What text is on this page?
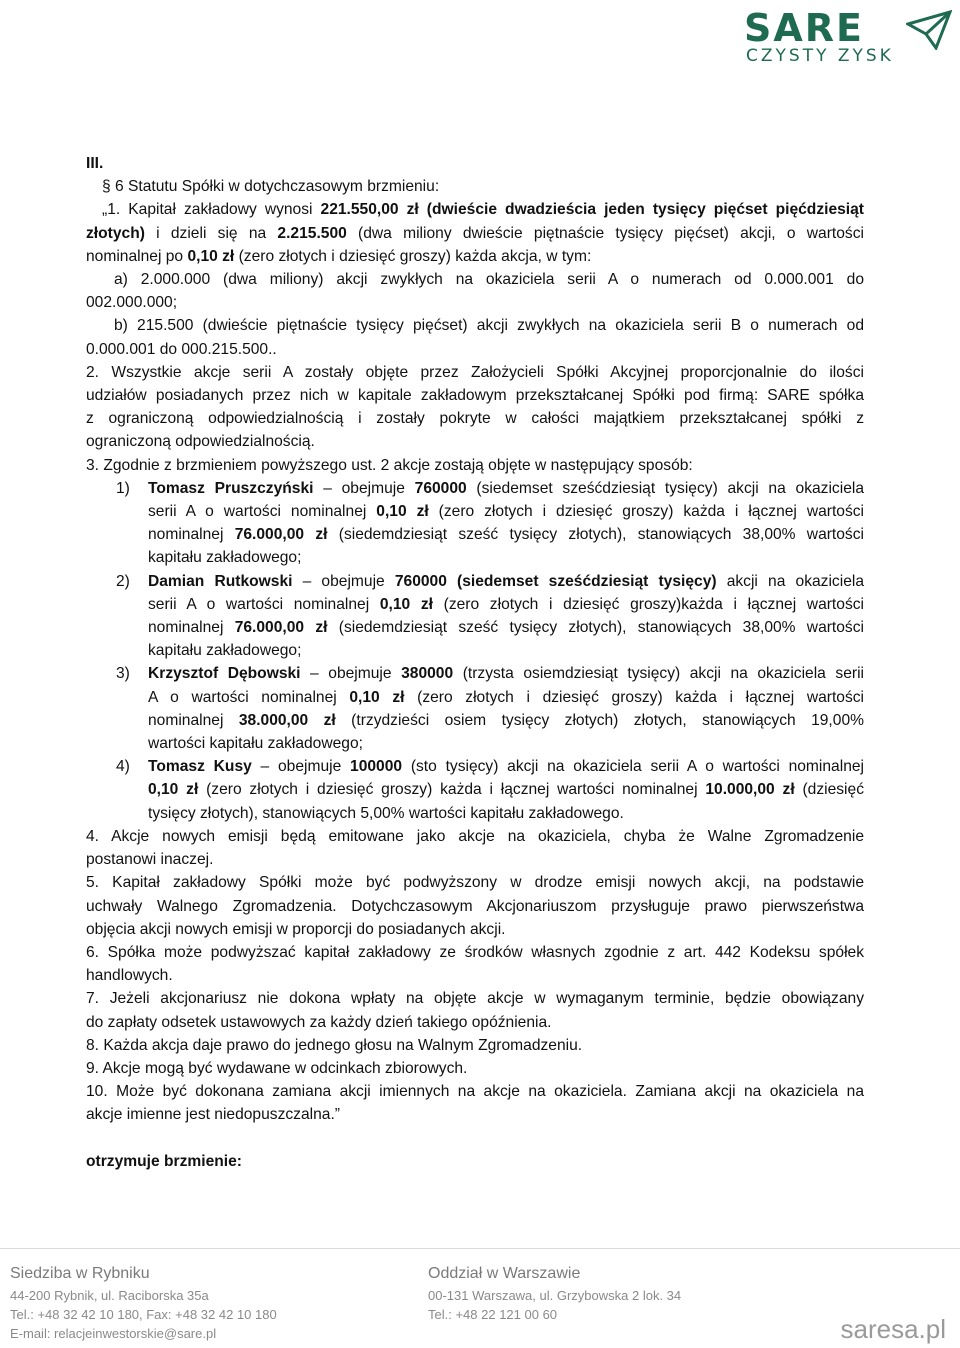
SARE
CZYSTY ZYSK
III.
§ 6 Statutu Spółki w dotychczasowym brzmieniu:
„1. Kapitał zakładowy wynosi 221.550,00 zł (dwieście dwadzieścia jeden tysięcy pięćset pięćdziesiąt
złotych) i dzieli się na 2.215.500 (dwa miliony dwieście piętnaście tysięcy pięćset) akcji, o wartości
nominalnej po 0,10 zł (zero złotych i dziesięć groszy) każda akcja, w tym:
a) 2.000.000 (dwa miliony) akcji zwykłych na okaziciela serii A o numerach od 0.000.001 do
002.000.000;
b) 215.500 (dwieście piętnaście tysięcy pięćset) akcji zwykłych na okaziciela serii B o numerach od
0.000.001 do 000.215.500..
2. Wszystkie akcje serii A zostały objęte przez Założycieli Spółki Akcyjnej proporcjonalnie do ilości
udziałów posiadanych przez nich w kapitale zakładowym przekształcanej Spółki pod firmą: SARE spółka
z ograniczoną odpowiedzialnością i zostały pokryte w całości majątkiem przekształcanej spółki z
ograniczoną odpowiedzialnością.
3. Zgodnie z brzmieniem powyższego ust. 2 akcje zostają objęte w następujący sposób:
1)	Tomasz Pruszczyński – obejmuje 760000 (siedemset sześćdziesiąt tysięcy) akcji na okaziciela
serii A o wartości nominalnej 0,10 zł (zero złotych i dziesięć groszy) każda i łącznej wartości
nominalnej 76.000,00 zł (siedemdziesiąt sześć tysięcy złotych), stanowiących 38,00% wartości
kapitału zakładowego;
2)	Damian Rutkowski – obejmuje 760000 (siedemset sześćdziesiąt tysięcy) akcji na okaziciela
serii A o wartości nominalnej 0,10 zł (zero złotych i dziesięć groszy)każda i łącznej wartości
nominalnej 76.000,00 zł (siedemdziesiąt sześć tysięcy złotych), stanowiących 38,00% wartości
kapitału zakładowego;
3)	Krzysztof Dębowski – obejmuje 380000 (trzysta osiemdziesiąt tysięcy) akcji na okaziciela serii
A o wartości nominalnej 0,10 zł (zero złotych i dziesięć groszy) każda i łącznej wartości
nominalnej 38.000,00 zł (trzydzieści osiem tysięcy złotych) złotych, stanowiących 19,00%
wartości kapitału zakładowego;
4)	Tomasz Kusy – obejmuje 100000 (sto tysięcy) akcji na okaziciela serii A o wartości nominalnej
0,10 zł (zero złotych i dziesięć groszy) każda i łącznej wartości nominalnej 10.000,00 zł (dziesięć
tysięcy złotych), stanowiących 5,00% wartości kapitału zakładowego.
4. Akcje nowych emisji będą emitowane jako akcje na okaziciela, chyba że Walne Zgromadzenie
postanowi inaczej.
5. Kapitał zakładowy Spółki może być podwyższony w drodze emisji nowych akcji, na podstawie
uchwały Walnego Zgromadzenia. Dotychczasowym Akcjonariuszom przysługuje prawo pierwszeństwa
objęcia akcji nowych emisji w proporcji do posiadanych akcji.
6. Spółka może podwyższać kapitał zakładowy ze środków własnych zgodnie z art. 442 Kodeksu spółek
handlowych.
7. Jeżeli akcjonariusz nie dokona wpłaty na objęte akcje w wymaganym terminie, będzie obowiązany
do zapłaty odsetek ustawowych za każdy dzień takiego opóźnienia.
8. Każda akcja daje prawo do jednego głosu na Walnym Zgromadzeniu.
9. Akcje mogą być wydawane w odcinkach zbiorowych.
10. Może być dokonana zamiana akcji imiennych na akcje na okaziciela. Zamiana akcji na okaziciela na
akcje imienne jest niedopuszczalna.”
otrzymuje brzmienie:
Siedziba w Rybniku
44-200 Rybnik, ul. Raciborska 35a
Tel.: +48 32 42 10 180, Fax: +48 32 42 10 180
E-mail: relacjeinwestorskie@sare.pl
Oddział w Warszawie
00-131 Warszawa, ul. Grzybowska 2 lok. 34
Tel.: +48 22 121 00 60	saresa.pl
